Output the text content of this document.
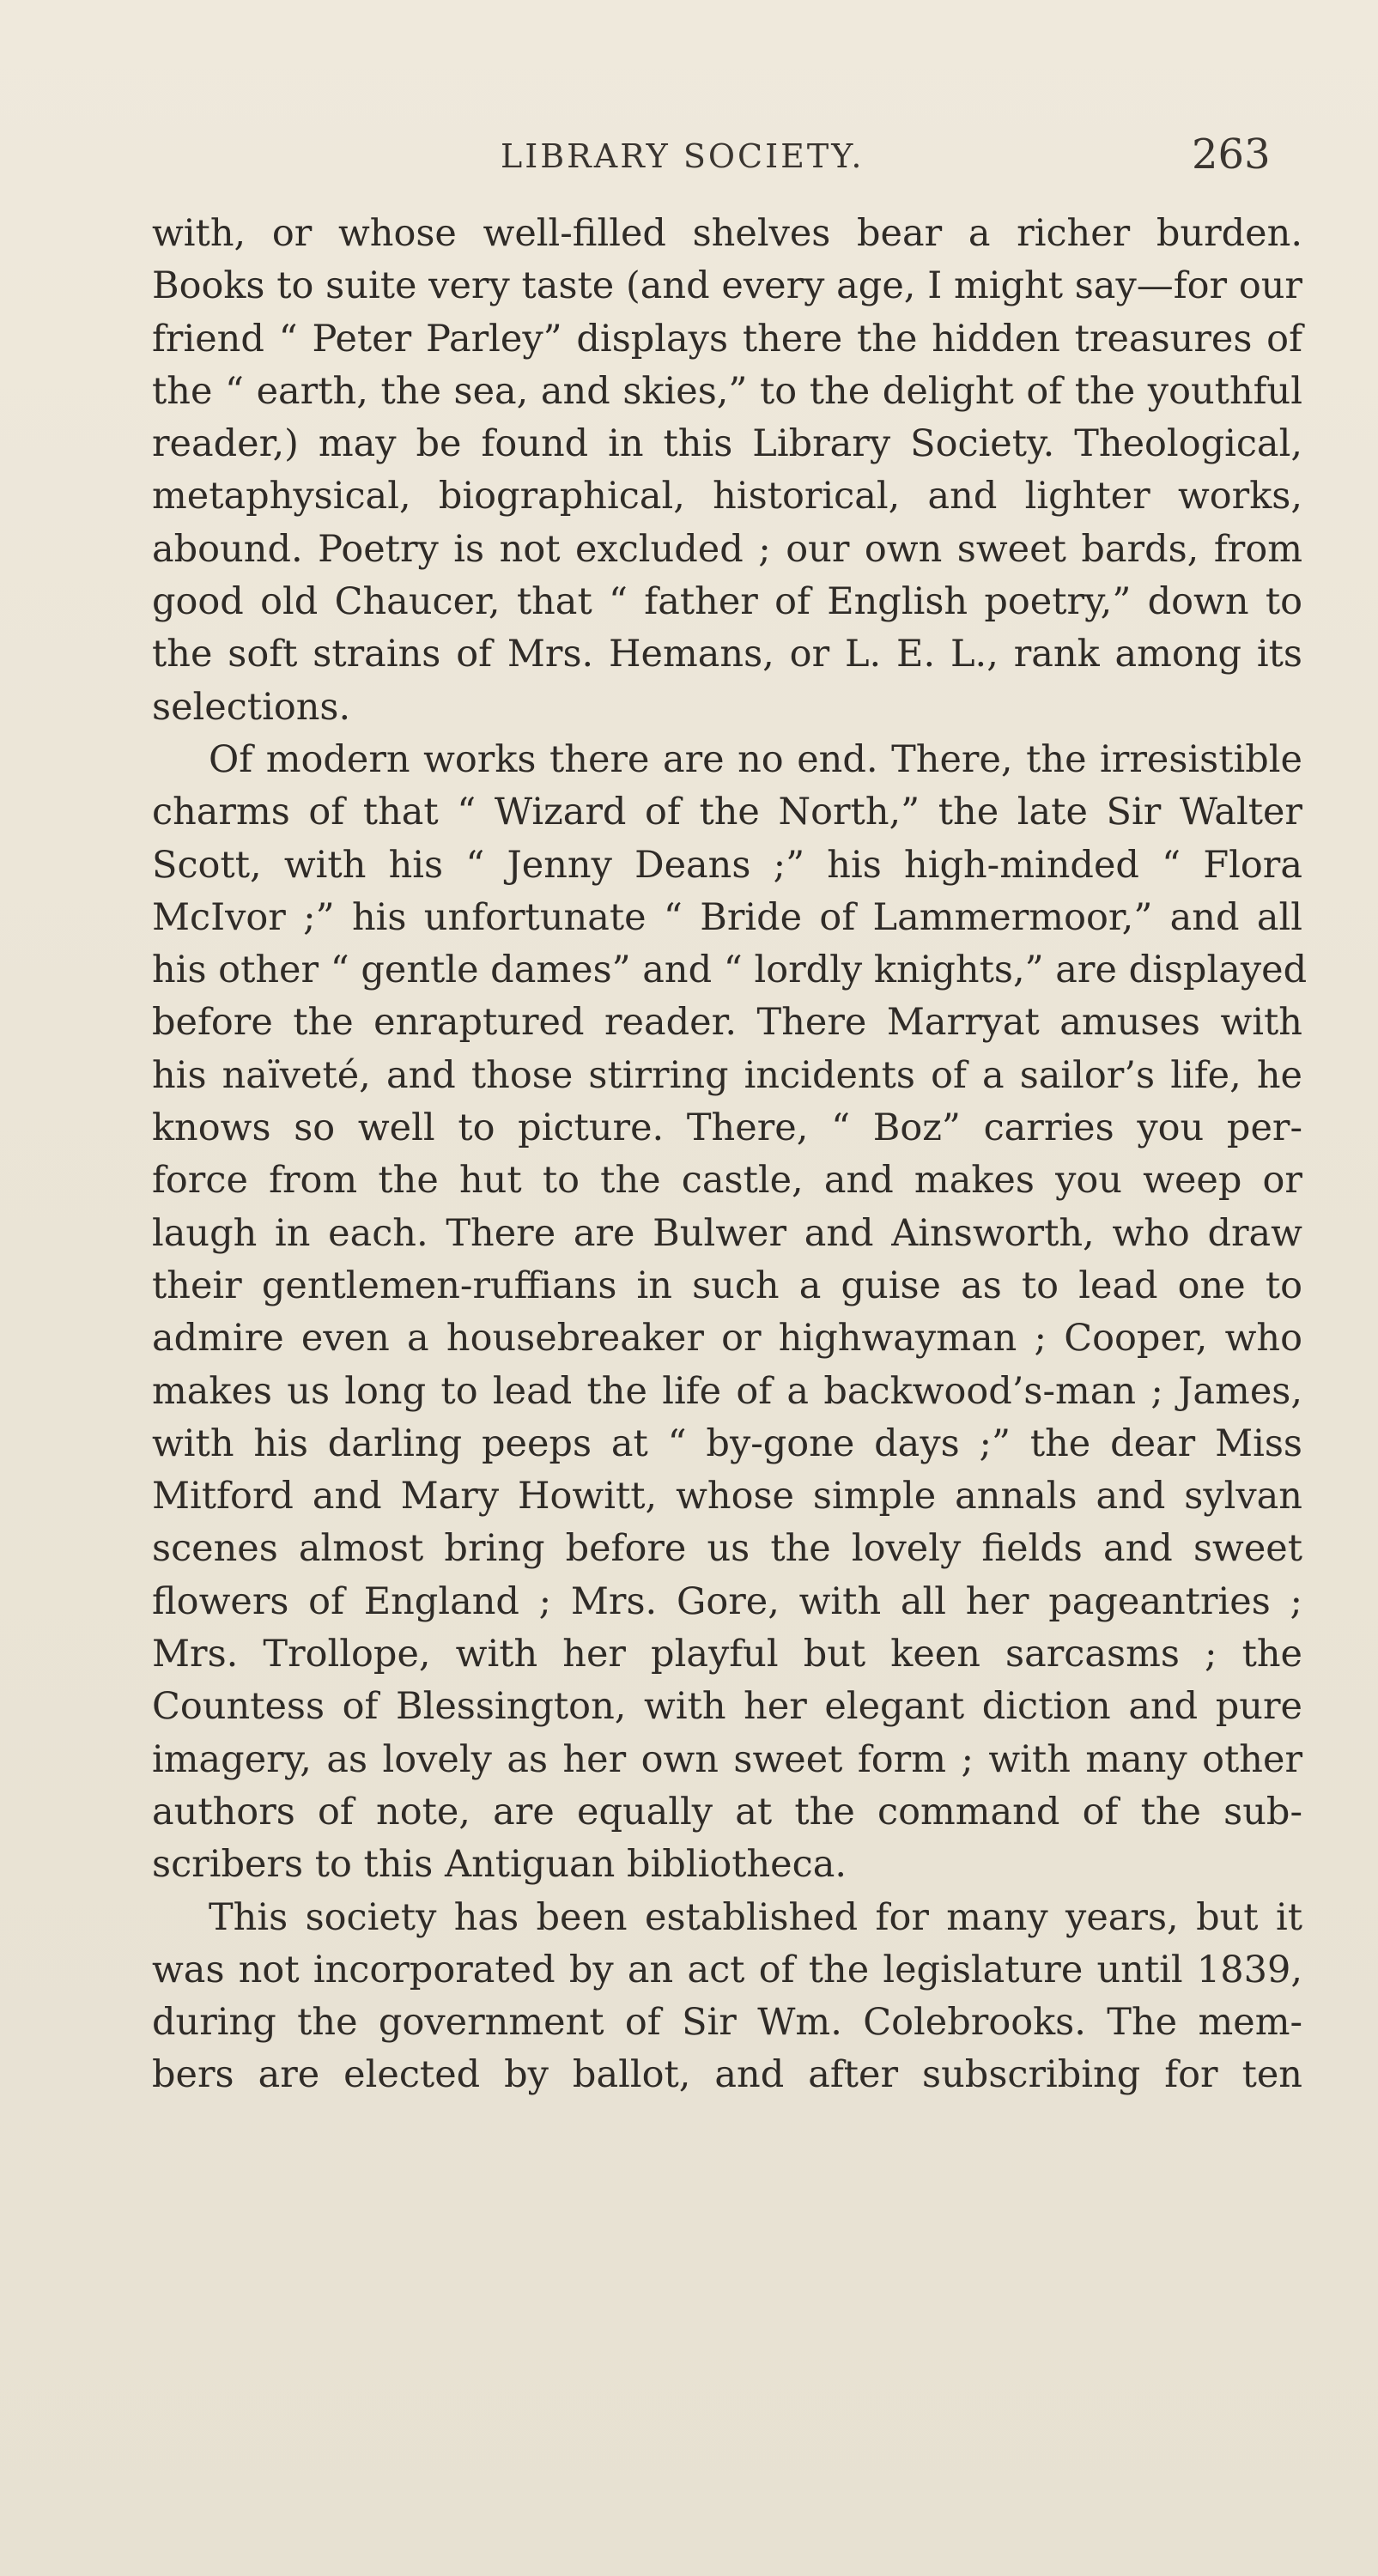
LIBRARY SOCIETY.	263
with, or whose well-filled shelves bear a richer burden.
Books to suite very taste (and every age, I might say—for our
friend “ Peter Parley” displays there the hidden treasures of
the “ earth, the sea, and skies,” to the delight of the youthful
reader,) may be found in this Library Society. Theological,
metaphysical, biographical, historical, and lighter works,
abound. Poetry is not excluded ; our own sweet bards, from
good old Chaucer, that “ father of English poetry,” down to
the soft strains of Mrs. Hemans, or L. E. L., rank among its
selections.
Of modern works there are no end. There, the irresistible
charms of that “ Wizard of the North,” the late Sir Walter
Scott, with his “ Jenny Deans ;” his high-minded “ Flora
McIvor ;” his unfortunate “ Bride of Lammermoor,” and all
his other “ gentle dames” and “ lordly knights,” are displayed
before the enraptured reader. There Marryat amuses with
his naïveté, and those stirring incidents of a sailor’s life, he
knows so well to picture. There, “ Boz” carries you per-
force from the hut to the castle, and makes you weep or
laugh in each. There are Bulwer and Ainsworth, who draw
their gentlemen-ruffians in such a guise as to lead one to
admire even a housebreaker or highwayman ; Cooper, who
makes us long to lead the life of a backwood’s-man ; James,
with his darling peeps at “ by-gone days ;” the dear Miss
Mitford and Mary Howitt, whose simple annals and sylvan
scenes almost bring before us the lovely fields and sweet
flowers of England ; Mrs. Gore, with all her pageantries ;
Mrs. Trollope, with her playful but keen sarcasms ; the
Countess of Blessington, with her elegant diction and pure
imagery, as lovely as her own sweet form ; with many other
authors of note, are equally at the command of the sub-
scribers to this Antiguan bibliotheca.
This society has been established for many years, but it
was not incorporated by an act of the legislature until 1839,
during the government of Sir Wm. Colebrooks. The mem-
bers are elected by ballot, and after subscribing for ten
